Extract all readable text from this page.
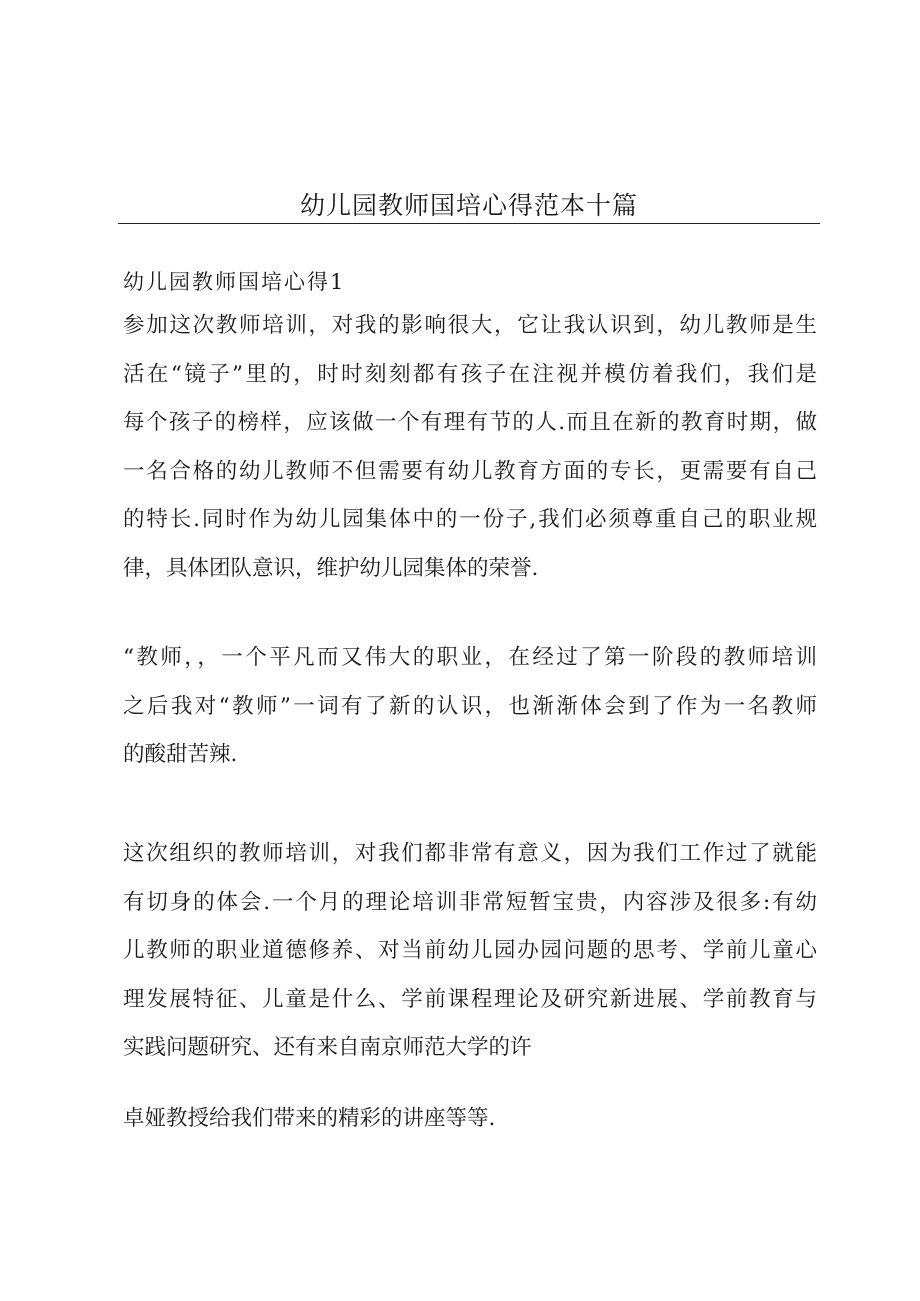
幼儿园教师国培心得范本十篇
幼儿园教师国培心得1

参加这次教师培训，对我的影响很大，它让我认识到，幼儿教师是生
活在“镜子”里的，时时刻刻都有孩子在注视并模仿着我们，我们是
每个孩子的榜样，应该做一个有理有节的人.而且在新的教育时期，做
一名合格的幼儿教师不但需要有幼儿教育方面的专长，更需要有自己
的特长.同时作为幼儿园集体中的一份子,我们必须尊重自己的职业规
律，具体团队意识，维护幼儿园集体的荣誉.

“教师，，一个平凡而又伟大的职业，在经过了第一阶段的教师培训
之后我对“教师”一词有了新的认识，也渐渐体会到了作为一名教师
的酸甜苦辣.

这次组织的教师培训，对我们都非常有意义，因为我们工作过了就能
有切身的体会.一个月的理论培训非常短暂宝贵，内容涉及很多:有幼
儿教师的职业道德修养、对当前幼儿园办园问题的思考、学前儿童心
理发展特征、儿童是什么、学前课程理论及研究新进展、学前教育与
实践问题研究、还有来自南京师范大学的许

卓娅教授给我们带来的精彩的讲座等等.
